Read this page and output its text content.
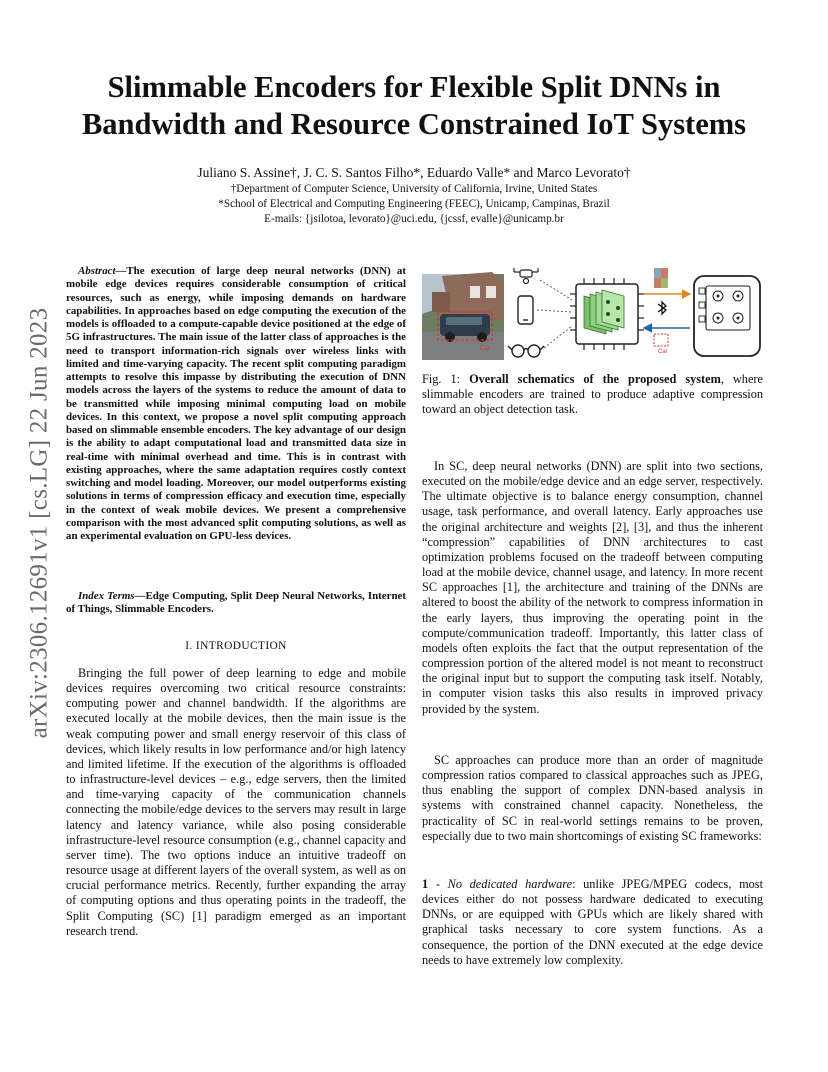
arXiv:2306.12691v1 [cs.LG] 22 Jun 2023
Slimmable Encoders for Flexible Split DNNs in Bandwidth and Resource Constrained IoT Systems
Juliano S. Assine†, J. C. S. Santos Filho*, Eduardo Valle* and Marco Levorato†
†Department of Computer Science, University of California, Irvine, United States
*School of Electrical and Computing Engineering (FEEC), Unicamp, Campinas, Brazil
E-mails: {jsilotoa, levorato}@uci.edu, {jcssf, evalle}@unicamp.br

Abstract—The execution of large deep neural networks (DNN) at mobile edge devices requires considerable consumption of critical resources, such as energy, while imposing demands on hardware capabilities. In approaches based on edge computing the execution of the models is offloaded to a compute-capable device positioned at the edge of 5G infrastructures. The main issue of the latter class of approaches is the need to transport information-rich signals over wireless links with limited and time-varying capacity. The recent split computing paradigm attempts to resolve this impasse by distributing the execution of DNN models across the layers of the systems to reduce the amount of data to be transmitted while imposing minimal computing load on mobile devices. In this context, we propose a novel split computing approach based on slimmable ensemble encoders. The key advantage of our design is the ability to adapt computational load and transmitted data size in real-time with minimal overhead and time. This is in contrast with existing approaches, where the same adaptation requires costly context switching and model loading. Moreover, our model outperforms existing solutions in terms of compression efficacy and execution time, especially in the context of weak mobile devices. We present a comprehensive comparison with the most advanced split computing solutions, as well as an experimental evaluation on GPU-less devices.

Index Terms—Edge Computing, Split Deep Neural Networks, Internet of Things, Slimmable Encoders.

I. INTRODUCTION

Bringing the full power of deep learning to edge and mobile devices requires overcoming two critical resource constraints: computing power and channel bandwidth. If the algorithms are executed locally at the mobile devices, then the main issue is the weak computing power and small energy reservoir of this class of devices, which likely results in low performance and/or high latency and limited lifetime. If the execution of the algorithms is offloaded to infrastructure-level devices – e.g., edge servers, then the limited and time-varying capacity of the communication channels connecting the mobile/edge devices to the servers may result in large latency and latency variance, while also posing considerable infrastructure-level resource consumption (e.g., channel capacity and server time). The two options induce an intuitive tradeoff on resource usage at different layers of the overall system, as well as on crucial performance metrics. Recently, further expanding the array of computing options and thus operating points in the tradeoff, the Split Computing (SC) [1] paradigm emerged as an important research trend.

Car	Car

Fig. 1: Overall schematics of the proposed system, where slimmable encoders are trained to produce adaptive compression toward an object detection task.

In SC, deep neural networks (DNN) are split into two sections, executed on the mobile/edge device and an edge server, respectively. The ultimate objective is to balance energy consumption, channel usage, task performance, and overall latency. Early approaches use the original architecture and weights [2], [3], and thus the inherent “compression” capabilities of DNN architectures to cast optimization problems focused on the tradeoff between computing load at the mobile device, channel usage, and latency. In more recent SC approaches [1], the architecture and training of the DNNs are altered to boost the ability of the network to compress information in the early layers, thus improving the operating point in the compute/communication tradeoff. Importantly, this latter class of models often exploits the fact that the output representation of the compression portion of the altered model is not meant to reconstruct the original input but to support the computing task itself. Notably, in computer vision tasks this also results in improved privacy provided by the system.

SC approaches can produce more than an order of magnitude compression ratios compared to classical approaches such as JPEG, thus enabling the support of complex DNN-based analysis in systems with constrained channel capacity. Nonetheless, the practicality of SC in real-world settings remains to be proven, especially due to two main shortcomings of existing SC frameworks:

1 - No dedicated hardware: unlike JPEG/MPEG codecs, most devices either do not possess hardware dedicated to executing DNNs, or are equipped with GPUs which are likely shared with graphical tasks necessary to core system functions. As a consequence, the portion of the DNN executed at the edge device needs to have extremely low complexity.
